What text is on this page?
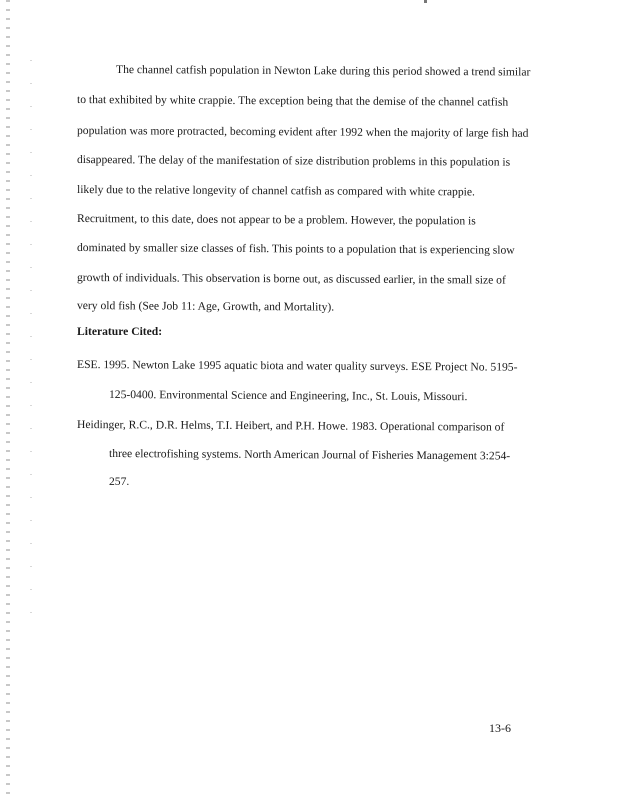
The channel catfish population in Newton Lake during this period showed a trend similar
to that exhibited by white crappie. The exception being that the demise of the channel catfish
population was more protracted, becoming evident after 1992 when the majority of large fish had
disappeared. The delay of the manifestation of size distribution problems in this population is
likely due to the relative longevity of channel catfish as compared with white crappie.
Recruitment, to this date, does not appear to be a problem. However, the population is
dominated by smaller size classes of fish. This points to a population that is experiencing slow
growth of individuals. This observation is borne out, as discussed earlier, in the small size of
very old fish (See Job 11: Age, Growth, and Mortality).
Literature Cited:
ESE. 1995. Newton Lake 1995 aquatic biota and water quality surveys. ESE Project No. 5195-
125-0400. Environmental Science and Engineering, Inc., St. Louis, Missouri.
Heidinger, R.C., D.R. Helms, T.I. Heibert, and P.H. Howe. 1983. Operational comparison of
three electrofishing systems. North American Journal of Fisheries Management 3:254-
257.
13-6
